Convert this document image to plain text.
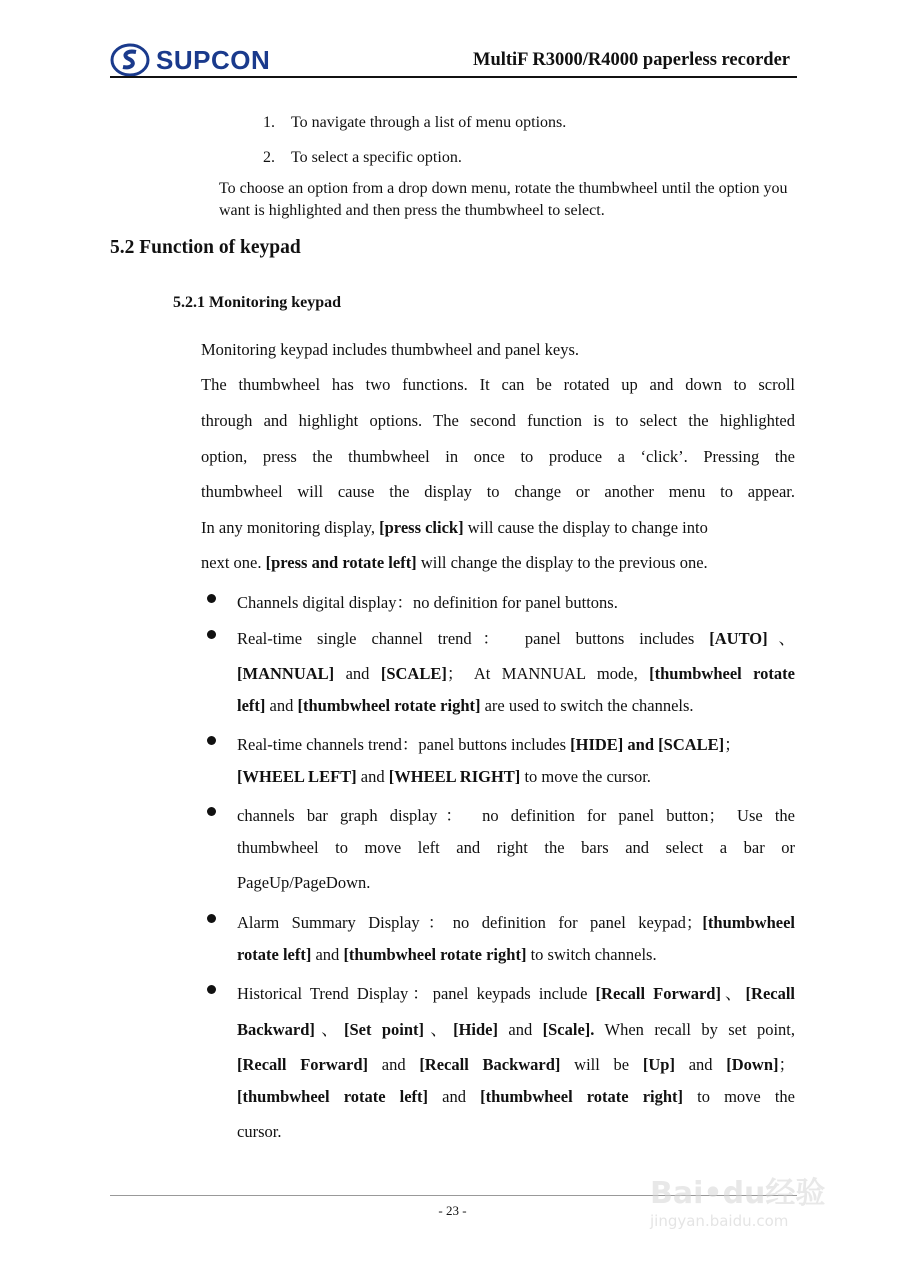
SUPCON	MultiF R3000/R4000 paperless recorder
1. To navigate through a list of menu options.
2. To select a specific option.
To choose an option from a drop down menu, rotate the thumbwheel until the option you want is highlighted and then press the thumbwheel to select.
5.2 Function of keypad
5.2.1 Monitoring keypad
Monitoring keypad includes thumbwheel and panel keys.
The thumbwheel has two functions. It can be rotated up and down to scroll
through and highlight options. The second function is to select the highlighted
option, press the thumbwheel in once to produce a ‘click’. Pressing the
thumbwheel will cause the display to change or another menu to appear.
In any monitoring display, [press click] will cause the display to change into
next one. [press and rotate left] will change the display to the previous one.
Channels digital display：no definition for panel buttons.
Real-time single channel trend： panel buttons includes [AUTO]、
[MANNUAL] and [SCALE]； At MANNUAL mode, [thumbwheel rotate
left] and [thumbwheel rotate right] are used to switch the channels.
Real-time channels trend：panel buttons includes [HIDE] and [SCALE]；
[WHEEL LEFT] and [WHEEL RIGHT] to move the cursor.
channels bar graph display： no definition for panel button； Use the
thumbwheel to move left and right the bars and select a bar or
PageUp/PageDown.
Alarm Summary Display：no definition for panel keypad；[thumbwheel
rotate left] and [thumbwheel rotate right] to switch channels.
Historical Trend Display：panel keypads include [Recall Forward]、[Recall
Backward]、[Set point]、[Hide] and [Scale]. When recall by set point,
[Recall Forward] and [Recall Backward] will be [Up] and [Down]；
[thumbwheel rotate left] and [thumbwheel rotate right] to move the
cursor.
- 23 -	Bai•du经验
jingyan.baidu.com
